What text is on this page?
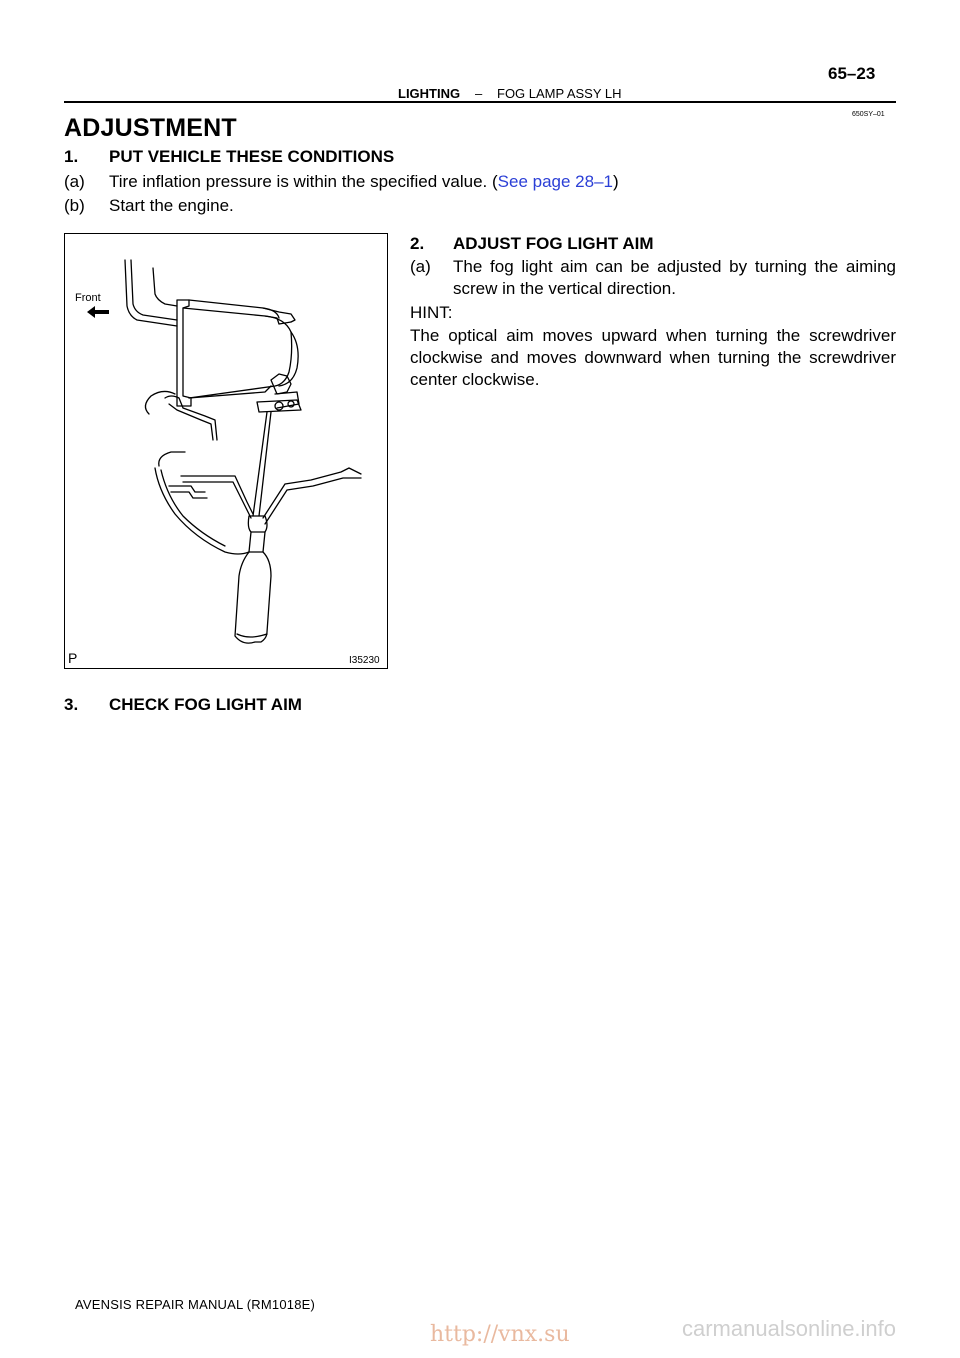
LIGHTING – FOG LAMP ASSY LH
65–23
650SY–01
ADJUSTMENT
1. PUT VEHICLE THESE CONDITIONS
(a) Tire inflation pressure is within the specified value. (See page 28–1)
(b) Start the engine.
Front
P	I35230
2. ADJUST FOG LIGHT AIM
(a) The fog light aim can be adjusted by turning the aiming
screw in the vertical direction.
HINT:
The optical aim moves upward when turning the screwdriver clockwise and moves downward when turning the screwdriver center clockwise.
3. CHECK FOG LIGHT AIM
AVENSIS REPAIR MANUAL (RM1018E)
http://vnx.su	carmanualsonline.info
